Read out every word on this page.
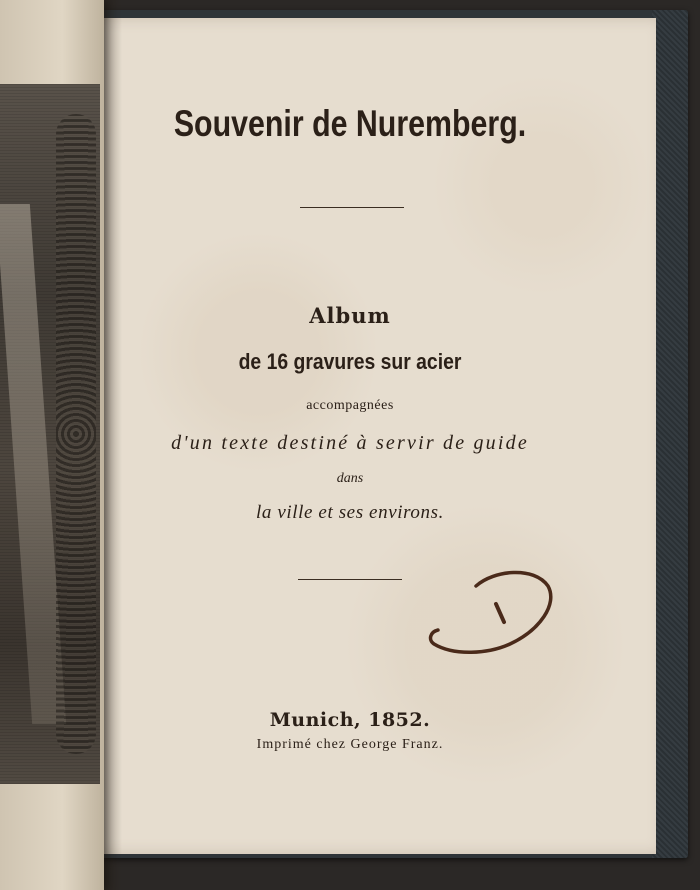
Souvenir de Nuremberg.
Album
de 16 gravures sur acier
accompagnées
d'un texte destiné à servir de guide
dans
la ville et ses environs.
Munich, 1852.
Imprimé chez George Franz.
